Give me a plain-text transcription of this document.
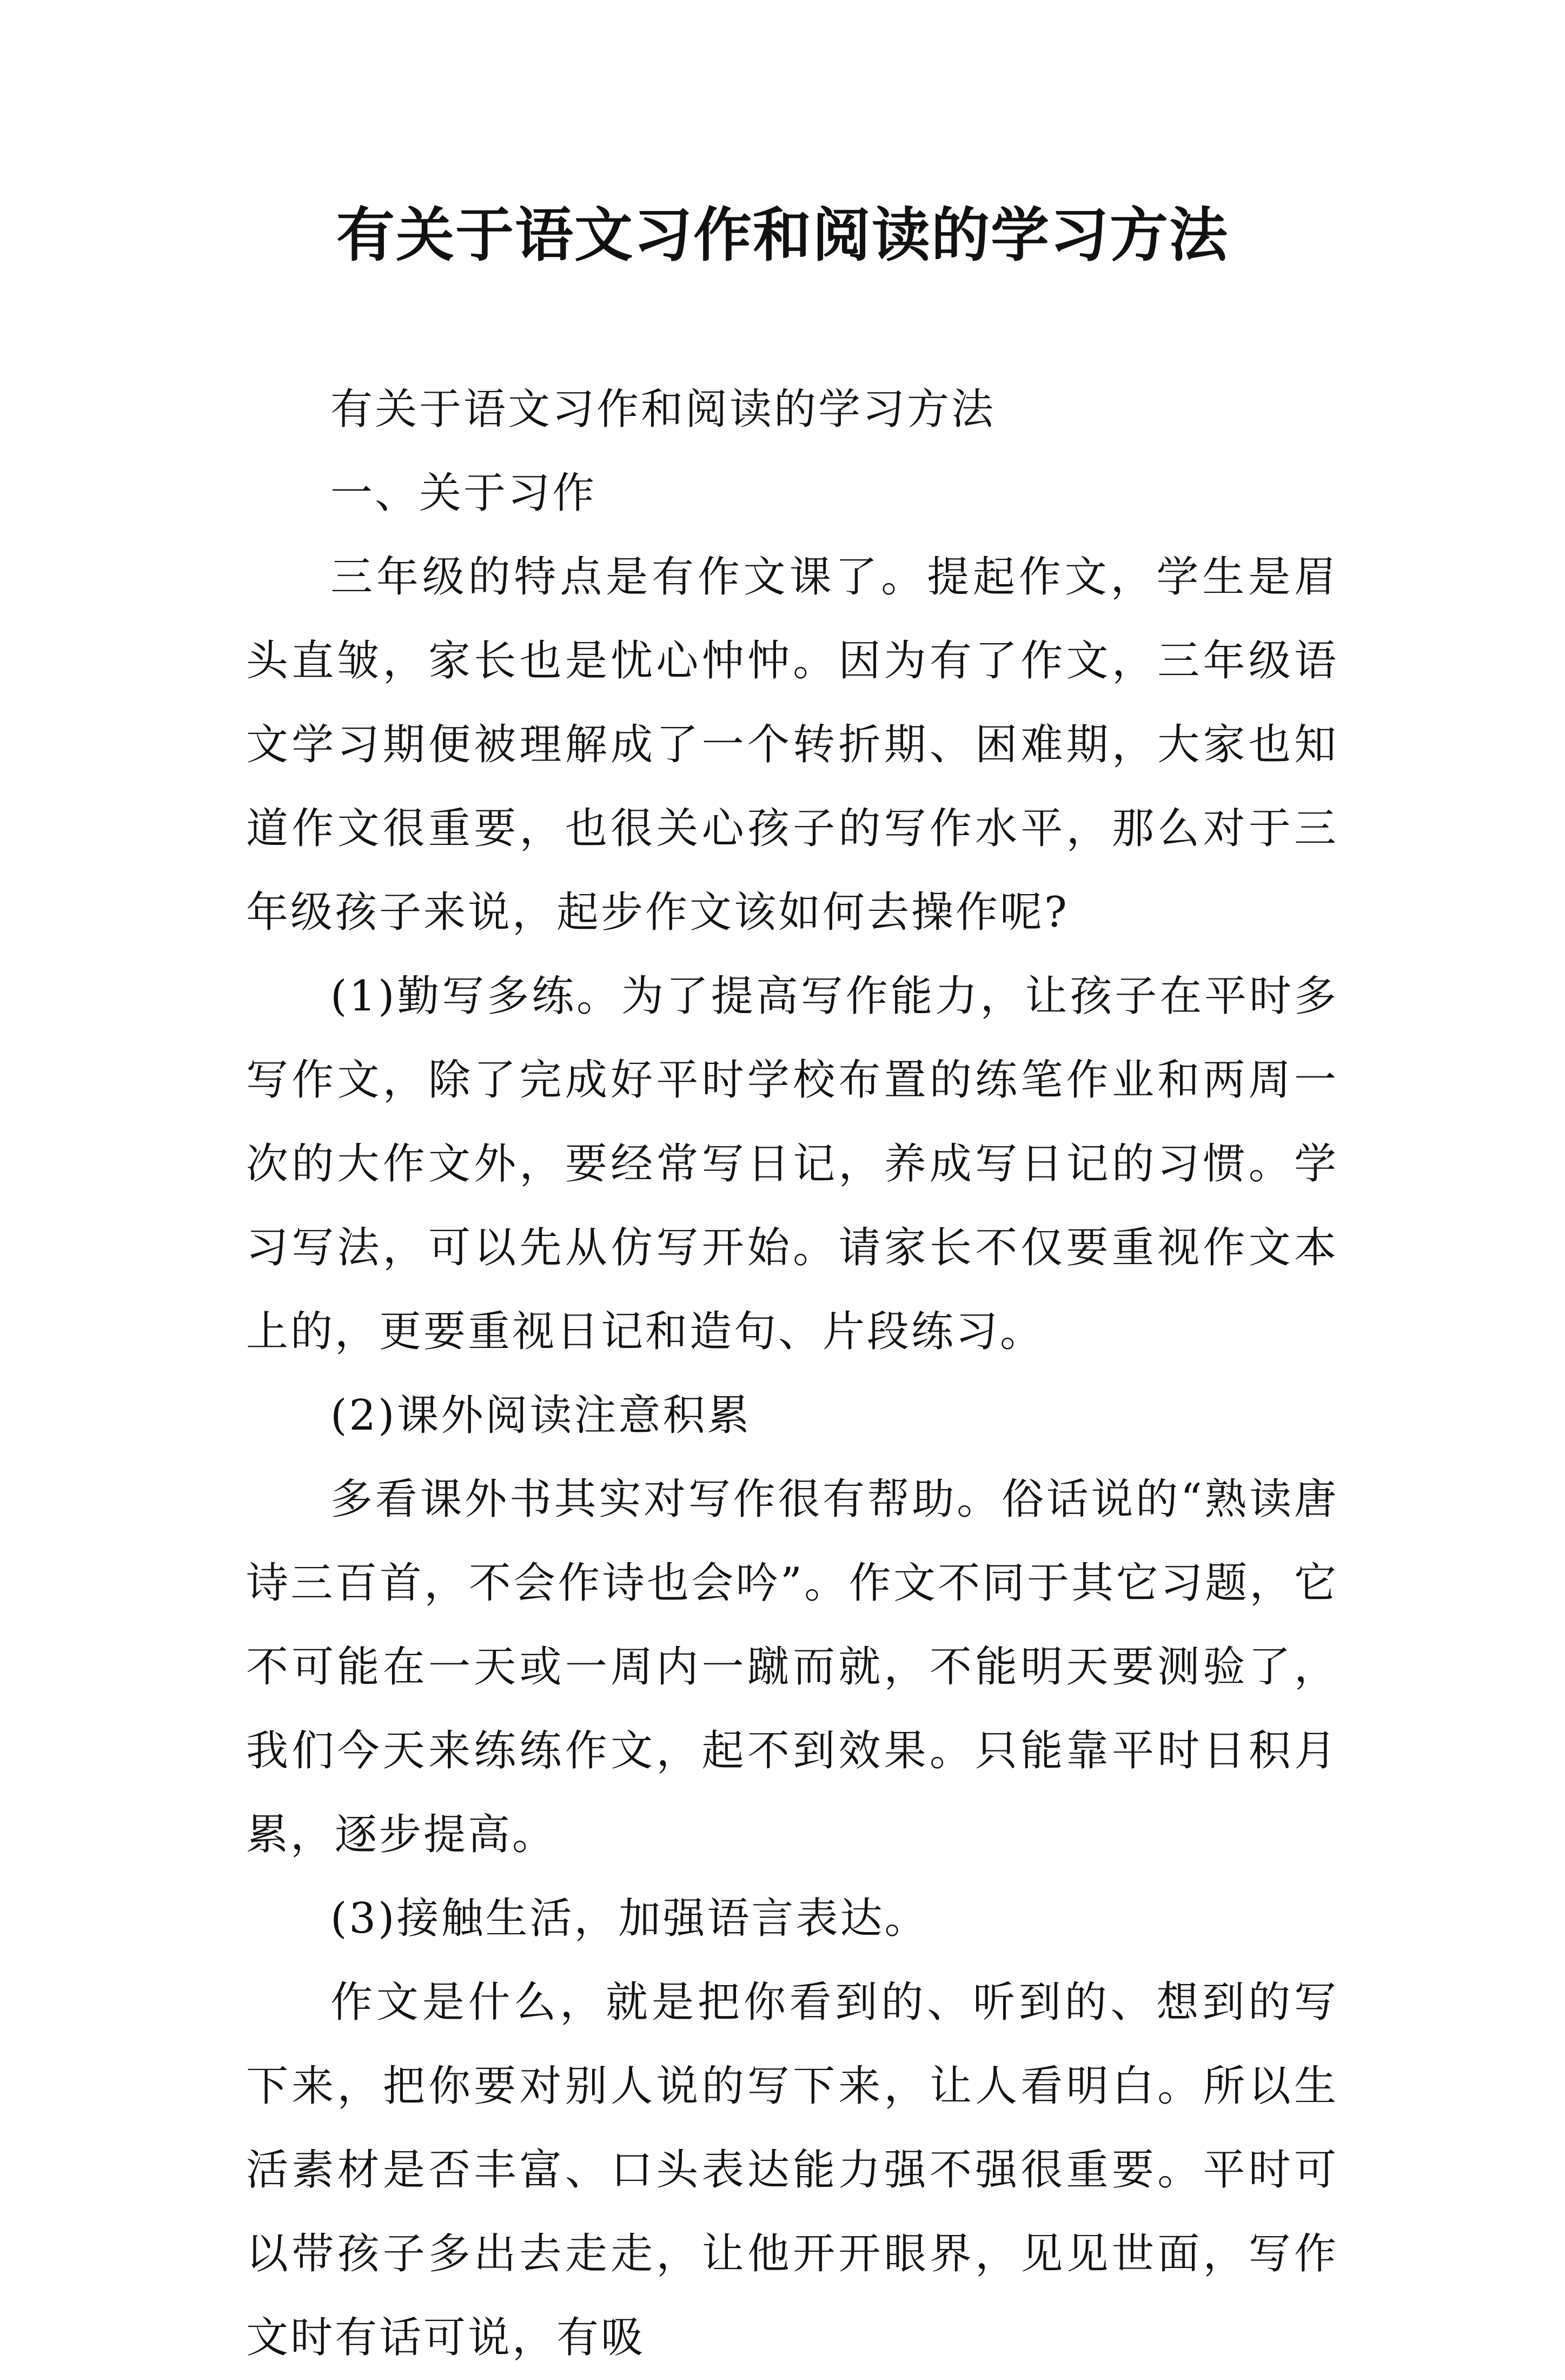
有关于语文习作和阅读的学习方法

有关于语文习作和阅读的学习方法

一、关于习作

三年级的特点是有作文课了。提起作文，学生是眉头直皱，家长也是忧心忡忡。因为有了作文，三年级语文学习期便被理解成了一个转折期、困难期，大家也知道作文很重要，也很关心孩子的写作水平，那么对于三年级孩子来说，起步作文该如何去操作呢?

(1)勤写多练。为了提高写作能力，让孩子在平时多写作文，除了完成好平时学校布置的练笔作业和两周一次的大作文外，要经常写日记，养成写日记的习惯。学习写法，可以先从仿写开始。请家长不仅要重视作文本上的，更要重视日记和造句、片段练习。

(2)课外阅读注意积累

多看课外书其实对写作很有帮助。俗话说的“熟读唐诗三百首，不会作诗也会吟”。作文不同于其它习题，它不可能在一天或一周内一蹴而就，不能明天要测验了，我们今天来练练作文，起不到效果。只能靠平时日积月累，逐步提高。

(3)接触生活，加强语言表达。

作文是什么，就是把你看到的、听到的、想到的写下来，把你要对别人说的写下来，让人看明白。所以生活素材是否丰富、口头表达能力强不强很重要。平时可以带孩子多出去走走，让他开开眼界，见见世面，写作文时有话可说，有吸
